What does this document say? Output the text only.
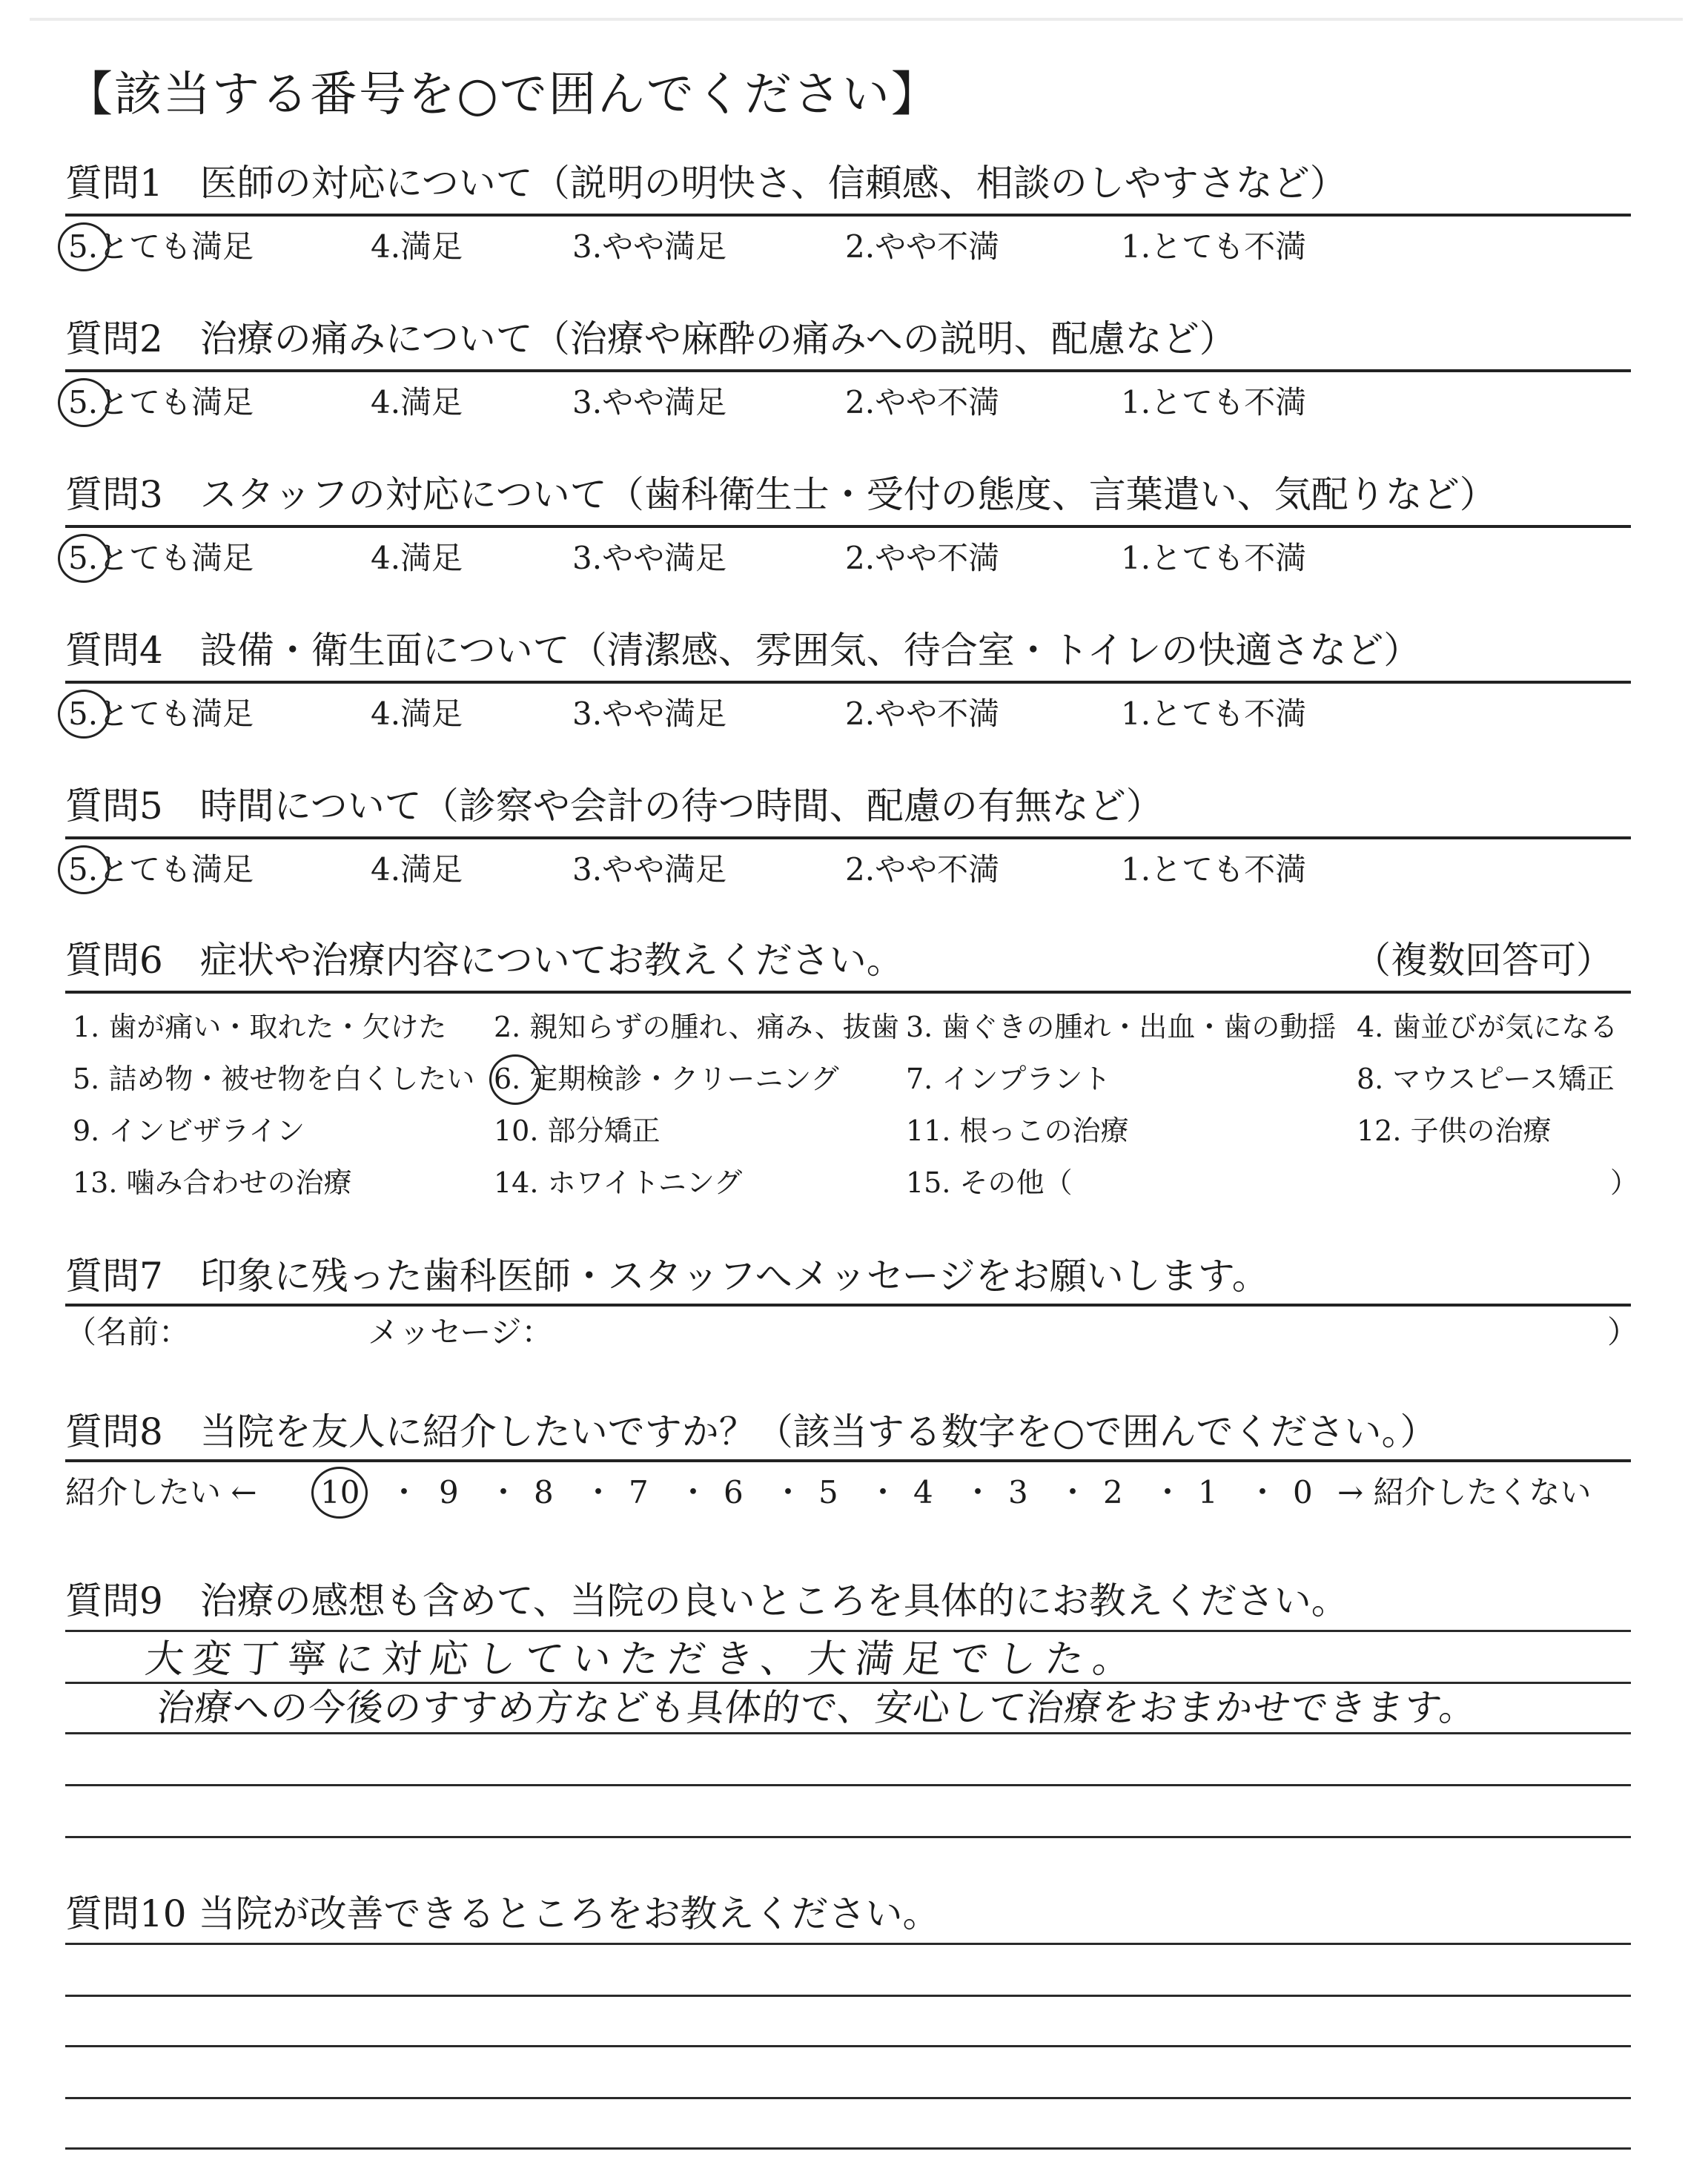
【該当する番号を○で囲んでください】
質問1　医師の対応について（説明の明快さ、信頼感、相談のしやすさなど）
5.とても満足	4.満足	3.やや満足	2.やや不満	1.とても不満
質問2　治療の痛みについて（治療や麻酔の痛みへの説明、配慮など）
5.とても満足	4.満足	3.やや満足	2.やや不満	1.とても不満
質問3　スタッフの対応について（歯科衛生士・受付の態度、言葉遣い、気配りなど）
5.とても満足	4.満足	3.やや満足	2.やや不満	1.とても不満
質問4　設備・衛生面について（清潔感、雰囲気、待合室・トイレの快適さなど）
5.とても満足	4.満足	3.やや満足	2.やや不満	1.とても不満
質問5　時間について（診察や会計の待つ時間、配慮の有無など）
5.とても満足	4.満足	3.やや満足	2.やや不満	1.とても不満
質問6　症状や治療内容についてお教えください。	（複数回答可）
1. 歯が痛い・取れた・欠けた 2. 親知らずの腫れ、痛み、抜歯 3. 歯ぐきの腫れ・出血・歯の動揺 4. 歯並びが気になる
5. 詰め物・被せ物を白くしたい 6. 定期検診・クリーニング 7. インプラント	8. マウスピース矯正
9. インビザライン	10. 部分矯正	11. 根っこの治療	12. 子供の治療
13. 噛み合わせの治療	14. ホワイトニング	15. その他（	）
質問7　印象に残った歯科医師・スタッフへメッセージをお願いします。
（名前：	メッセージ：	）
質問8　当院を友人に紹介したいですか？（該当する数字を○で囲んでください。）
紹介したい ← 10 ・ 9 ・ 8 ・ 7 ・ 6 ・ 5 ・ 4 ・ 3 ・ 2 ・ 1 ・ 0 → 紹介したくない
質問9　治療の感想も含めて、当院の良いところを具体的にお教えください。
大変丁寧に対応していただき、大満足でした。
治療への今後のすすめ方なども具体的で、安心して治療をおまかせできます。
質問10 当院が改善できるところをお教えください。
